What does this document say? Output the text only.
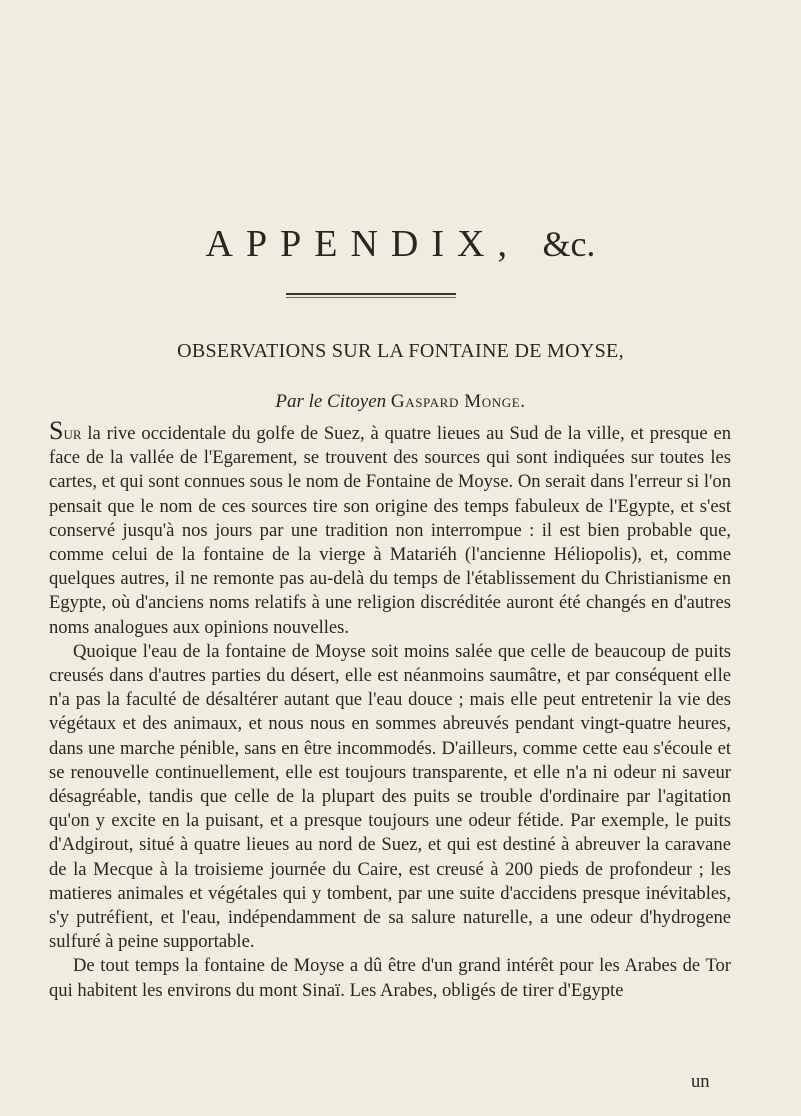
APPENDIX, &c.
OBSERVATIONS SUR LA FONTAINE DE MOYSE,
Par le Citoyen Gaspard Monge.

Sur la rive occidentale du golfe de Suez, à quatre lieues au Sud de la ville, et presque en face de la vallée de l'Egarement, se trouvent des sources qui sont indiquées sur toutes les cartes, et qui sont connues sous le nom de Fontaine de Moyse. On serait dans l'erreur si l'on pensait que le nom de ces sources tire son origine des temps fabuleux de l'Egypte, et s'est conservé jusqu'à nos jours par une tradition non interrompue : il est bien probable que, comme celui de la fontaine de la vierge à Matariéh (l'ancienne Héliopolis), et, comme quelques autres, il ne remonte pas au-delà du temps de l'établissement du Christianisme en Egypte, où d'anciens noms relatifs à une religion discréditée auront été changés en d'autres noms analogues aux opinions nouvelles.

Quoique l'eau de la fontaine de Moyse soit moins salée que celle de beaucoup de puits creusés dans d'autres parties du désert, elle est néanmoins saumâtre, et par conséquent elle n'a pas la faculté de désaltérer autant que l'eau douce ; mais elle peut entretenir la vie des végétaux et des animaux, et nous nous en sommes abreuvés pendant vingt-quatre heures, dans une marche pénible, sans en être incommodés. D'ailleurs, comme cette eau s'écoule et se renouvelle continuellement, elle est toujours transparente, et elle n'a ni odeur ni saveur désagréable, tandis que celle de la plupart des puits se trouble d'ordinaire par l'agitation qu'on y excite en la puisant, et a presque toujours une odeur fétide. Par exemple, le puits d'Adgirout, situé à quatre lieues au nord de Suez, et qui est destiné à abreuver la caravane de la Mecque à la troisieme journée du Caire, est creusé à 200 pieds de profondeur ; les matieres animales et végétales qui y tombent, par une suite d'accidens presque inévitables, s'y putréfient, et l'eau, indépendamment de sa salure naturelle, a une odeur d'hydrogene sulfuré à peine supportable.

De tout temps la fontaine de Moyse a dû être d'un grand intérêt pour les Arabes de Tor qui habitent les environs du mont Sinaï. Les Arabes, obligés de tirer d'Egypte

un
